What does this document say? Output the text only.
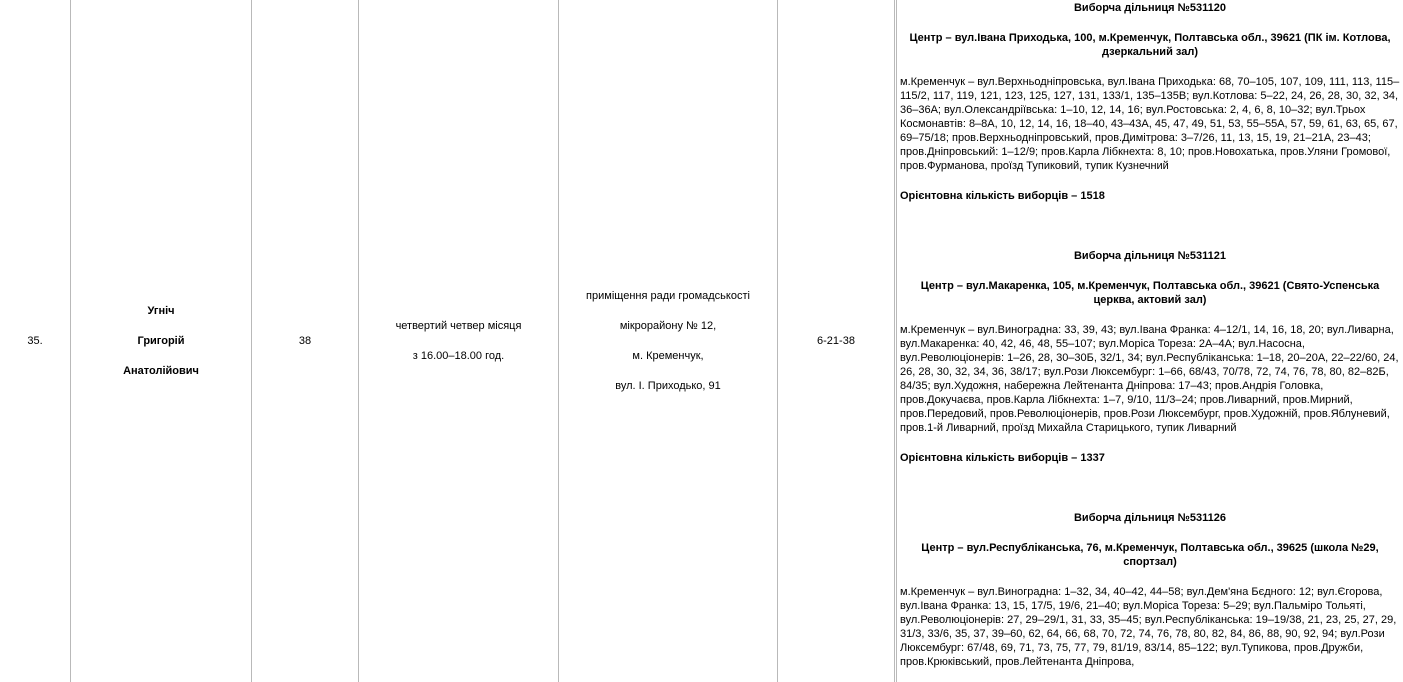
35.
Угніч
Григорій
Анатолійович
38
четвертий четвер місяця
з 16.00–18.00 год.
приміщення ради громадськості
мікрорайону № 12,
м. Кременчук,
вул. І. Приходько, 91
6-21-38
Виборча дільниця №531120
Центр – вул.Івана Приходька, 100, м.Кременчук, Полтавська обл., 39621 (ПК ім. Котлова, дзеркальний зал)
м.Кременчук – вул.Верхньодніпровська, вул.Івана Приходька: 68, 70–105, 107, 109, 111, 113, 115–115/2, 117, 119, 121, 123, 125, 127, 131, 133/1, 135–135В; вул.Котлова: 5–22, 24, 26, 28, 30, 32, 34, 36–36А; вул.Олександріївська: 1–10, 12, 14, 16; вул.Ростовська: 2, 4, 6, 8, 10–32; вул.Трьох Космонавтів: 8–8А, 10, 12, 14, 16, 18–40, 43–43А, 45, 47, 49, 51, 53, 55–55А, 57, 59, 61, 63, 65, 67, 69–75/18; пров.Верхньодніпровський, пров.Димітрова: 3–7/26, 11, 13, 15, 19, 21–21А, 23–43; пров.Дніпровський: 1–12/9; пров.Карла Лібкнехта: 8, 10; пров.Новохатька, пров.Уляни Громової, пров.Фурманова, проїзд Тупиковий, тупик Кузнечний
Орієнтовна кількість виборців – 1518
Виборча дільниця №531121
Центр – вул.Макаренка, 105, м.Кременчук, Полтавська обл., 39621 (Свято-Успенська церква, актовий зал)
м.Кременчук – вул.Виноградна: 33, 39, 43; вул.Івана Франка: 4–12/1, 14, 16, 18, 20; вул.Ливарна, вул.Макаренка: 40, 42, 46, 48, 55–107; вул.Моріса Тореза: 2А–4А; вул.Насосна, вул.Революціонерів: 1–26, 28, 30–30Б, 32/1, 34; вул.Республіканська: 1–18, 20–20А, 22–22/60, 24, 26, 28, 30, 32, 34, 36, 38/17; вул.Рози Люксембург: 1–66, 68/43, 70/78, 72, 74, 76, 78, 80, 82–82Б, 84/35; вул.Художня, набережна Лейтенанта Дніпрова: 17–43; пров.Андрія Головка, пров.Докучаєва, пров.Карла Лібкнехта: 1–7, 9/10, 11/3–24; пров.Ливарний, пров.Мирний, пров.Передовий, пров.Революціонерів, пров.Рози Люксембург, пров.Художній, пров.Яблуневий, пров.1-й Ливарний, проїзд Михайла Старицького, тупик Ливарний
Орієнтовна кількість виборців – 1337
Виборча дільниця №531126
Центр – вул.Республіканська, 76, м.Кременчук, Полтавська обл., 39625 (школа №29, спортзал)
м.Кременчук – вул.Виноградна: 1–32, 34, 40–42, 44–58; вул.Дем'яна Бєдного: 12; вул.Єгорова, вул.Івана Франка: 13, 15, 17/5, 19/6, 21–40; вул.Моріса Тореза: 5–29; вул.Пальміро Тольяті, вул.Революціонерів: 27, 29–29/1, 31, 33, 35–45; вул.Республіканська: 19–19/38, 21, 23, 25, 27, 29, 31/3, 33/6, 35, 37, 39–60, 62, 64, 66, 68, 70, 72, 74, 76, 78, 80, 82, 84, 86, 88, 90, 92, 94; вул.Рози Люксембург: 67/48, 69, 71, 73, 75, 77, 79, 81/19, 83/14, 85–122; вул.Тупикова, пров.Дружби, пров.Крюківський, пров.Лейтенанта Дніпрова,
